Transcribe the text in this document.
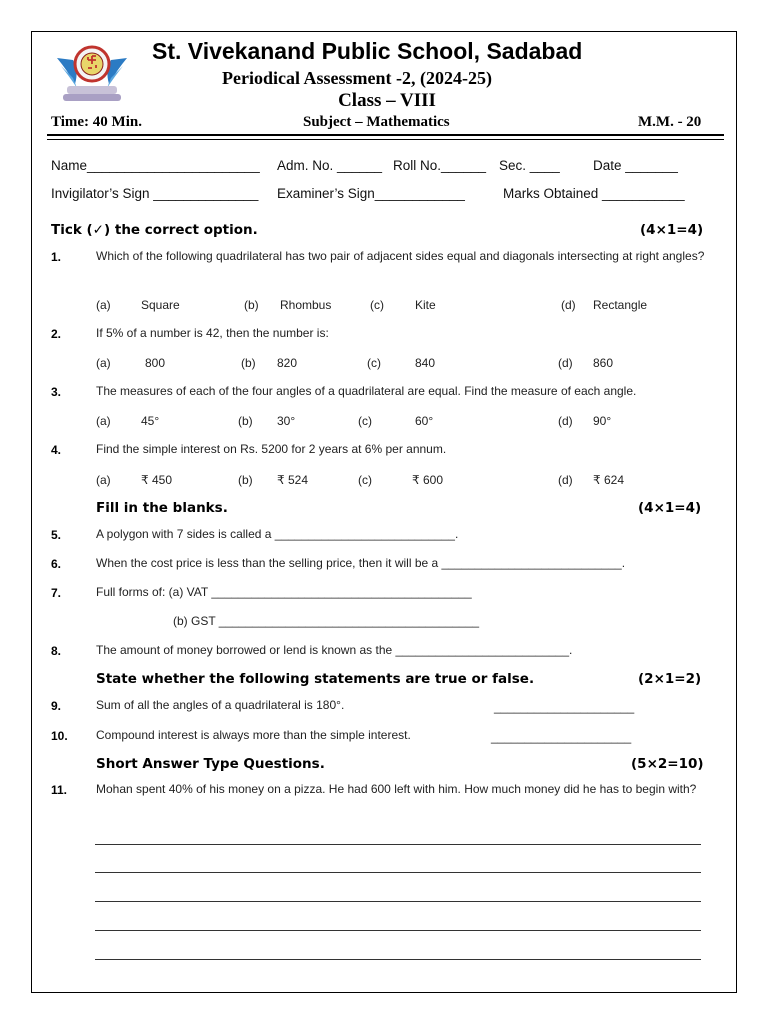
St. Vivekanand Public School, Sadabad
Periodical Assessment -2, (2024-25)
Class – VIII
Time: 40 Min.	Subject – Mathematics	M.M. - 20
Name_______________________ Adm. No. ______ Roll No.______ Sec. ____ Date _______
Invigilator’s Sign ______________ Examiner’s Sign____________	Marks Obtained ___________
Tick (✓) the correct option.	(4×1=4)
1.	Which of the following quadrilateral has two pair of adjacent sides equal and diagonals intersecting at right angles?
(a)	Square	(b) Rhombus	(c)	Kite	(d) Rectangle
2.	If 5% of a number is 42, then the number is:
(a)	800	(b) 820	(c)	840	(d) 860
3.	The measures of each of the four angles of a quadrilateral are equal. Find the measure of each angle.
(a)	45°	(b) 30°	(c)	60°	(d) 90°
4.	Find the simple interest on Rs. 5200 for 2 years at 6% per annum.
(a)	₹ 450	(b) ₹ 524	(c)	₹ 600	(d) ₹ 624
Fill in the blanks.	(4×1=4)
5.	A polygon with 7 sides is called a ___________________________.
6.	When the cost price is less than the selling price, then it will be a ___________________________.
7.	Full forms of: (a) VAT _______________________________________
(b) GST _______________________________________
8.	The amount of money borrowed or lend is known as the __________________________.
State whether the following statements are true or false.	(2×1=2)
9.	Sum of all the angles of a quadrilateral is 180°.	_____________________
10. Compound interest is always more than the simple interest.	_____________________
Short Answer Type Questions.	(5×2=10)
11. Mohan spent 40% of his money on a pizza. He had 600 left with him. How much money did he has to begin with?
